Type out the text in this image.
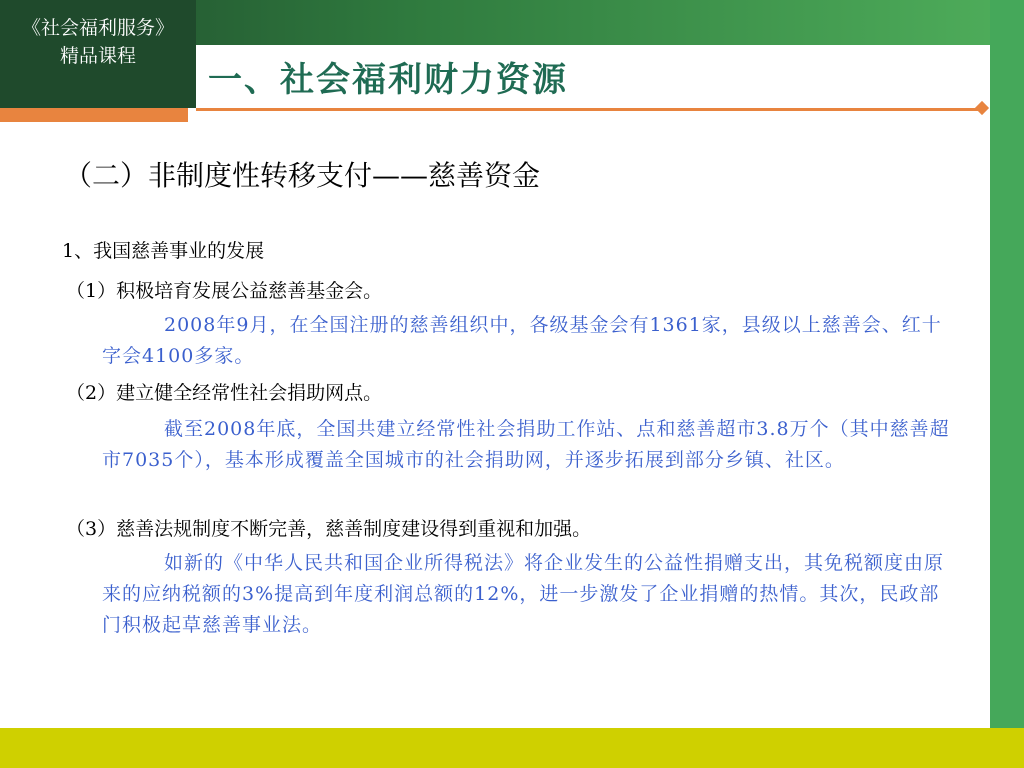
《社会福利服务》
精品课程
一、社会福利财力资源
（二）非制度性转移支付——慈善资金
1、我国慈善事业的发展
（1）积极培育发展公益慈善基金会。
2008年9月，在全国注册的慈善组织中，各级基金会有1361家，县级以上慈善会、红十字会4100多家。
（2）建立健全经常性社会捐助网点。
截至2008年底，全国共建立经常性社会捐助工作站、点和慈善超市3.8万个（其中慈善超市7035个），基本形成覆盖全国城市的社会捐助网，并逐步拓展到部分乡镇、社区。
（3）慈善法规制度不断完善，慈善制度建设得到重视和加强。
如新的《中华人民共和国企业所得税法》将企业发生的公益性捐赠支出，其免税额度由原来的应纳税额的3%提高到年度利润总额的12%，进一步激发了企业捐赠的热情。其次，民政部门积极起草慈善事业法。
